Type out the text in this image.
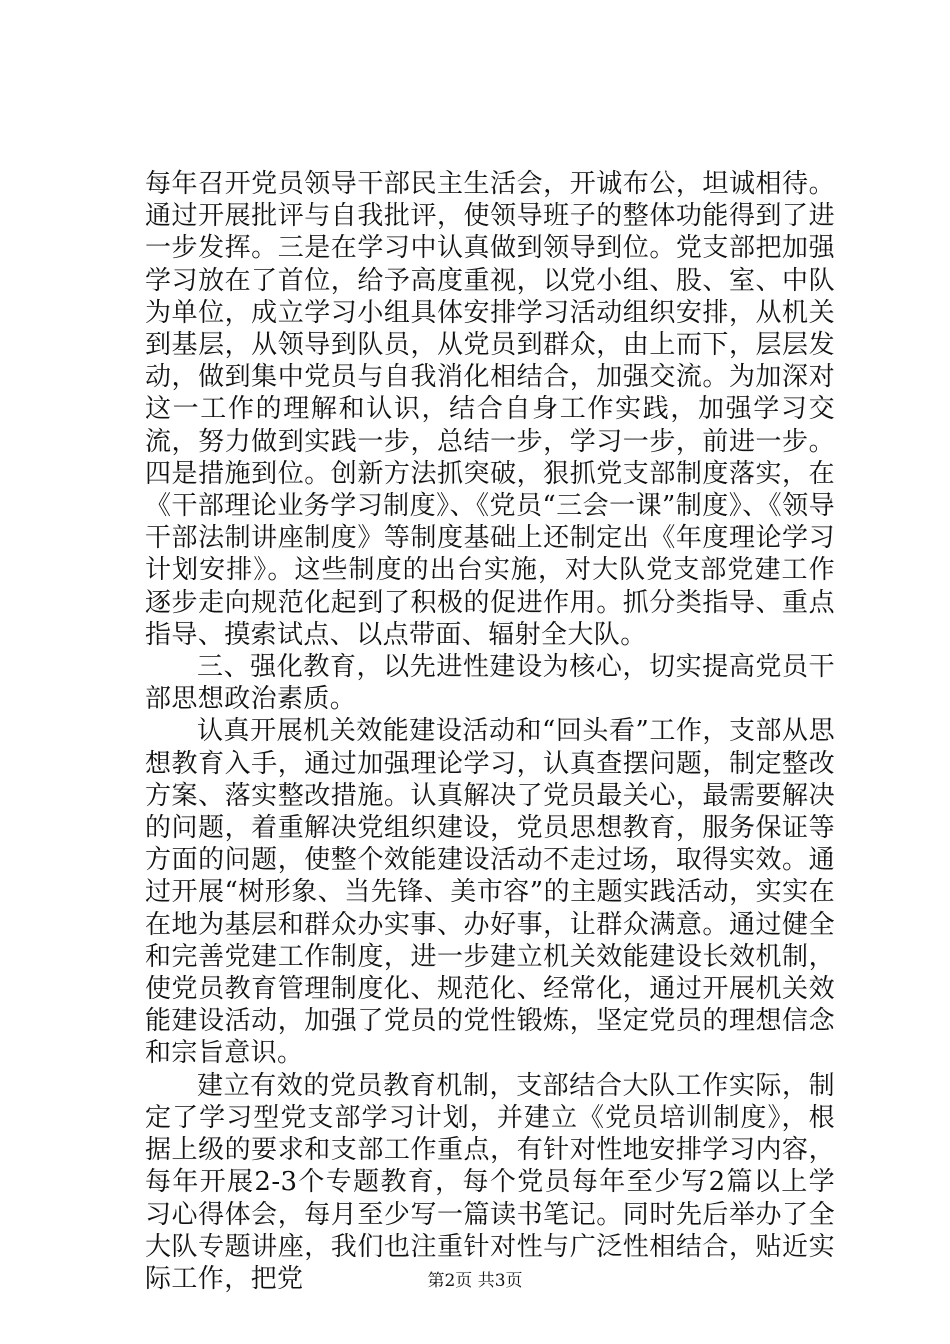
每年召开党员领导干部民主生活会，开诚布公，坦诚相待。通过开展批评与自我批评，使领导班子的整体功能得到了进一步发挥。三是在学习中认真做到领导到位。党支部把加强学习放在了首位，给予高度重视，以党小组、股、室、中队为单位，成立学习小组具体安排学习活动组织安排，从机关到基层，从领导到队员，从党员到群众，由上而下，层层发动，做到集中党员与自我消化相结合，加强交流。为加深对这一工作的理解和认识，结合自身工作实践，加强学习交流，努力做到实践一步，总结一步，学习一步，前进一步。四是措施到位。创新方法抓突破，狠抓党支部制度落实，在《干部理论业务学习制度》、《党员“三会一课”制度》、《领导干部法制讲座制度》等制度基础上还制定出《年度理论学习计划安排》。这些制度的出台实施，对大队党支部党建工作逐步走向规范化起到了积极的促进作用。抓分类指导、重点指导、摸索试点、以点带面、辐射全大队。

三、强化教育，以先进性建设为核心，切实提高党员干部思想政治素质。

认真开展机关效能建设活动和“回头看”工作，支部从思想教育入手，通过加强理论学习，认真查摆问题，制定整改方案、落实整改措施。认真解决了党员最关心，最需要解决的问题，着重解决党组织建设，党员思想教育，服务保证等方面的问题，使整个效能建设活动不走过场，取得实效。通过开展“树形象、当先锋、美市容”的主题实践活动，实实在在地为基层和群众办实事、办好事，让群众满意。通过健全和完善党建工作制度，进一步建立机关效能建设长效机制，使党员教育管理制度化、规范化、经常化，通过开展机关效能建设活动，加强了党员的党性锻炼，坚定党员的理想信念和宗旨意识。

建立有效的党员教育机制，支部结合大队工作实际，制定了学习型党支部学习计划，并建立《党员培训制度》，根据上级的要求和支部工作重点，有针对性地安排学习内容，每年开展2-3个专题教育，每个党员每年至少写2篇以上学习心得体会，每月至少写一篇读书笔记。同时先后举办了全大队专题讲座，我们也注重针对性与广泛性相结合，贴近实际工作，把党	第2页 共3页
